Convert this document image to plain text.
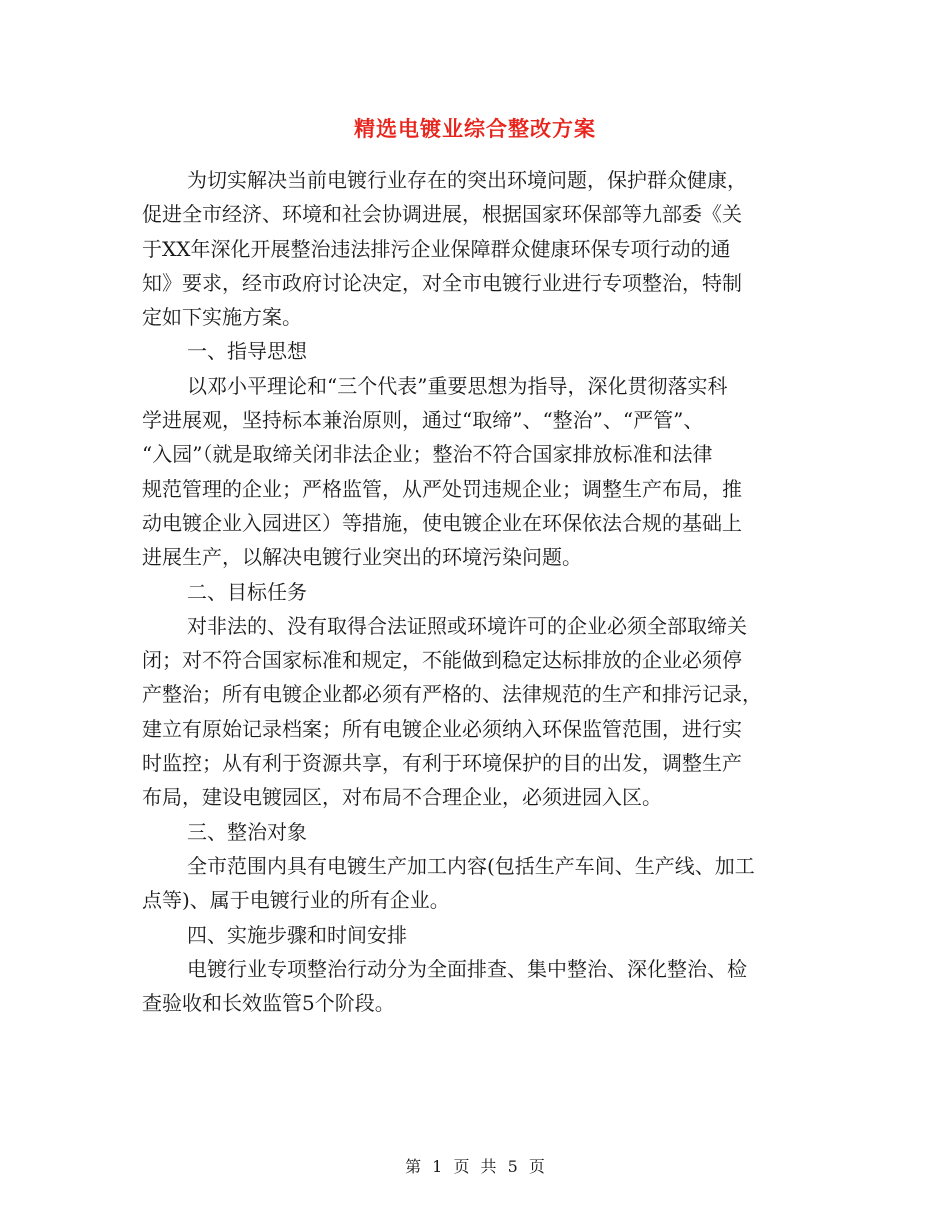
精选电镀业综合整改方案
为切实解决当前电镀行业存在的突出环境问题，保护群众健康，
促进全市经济、环境和社会协调进展，根据国家环保部等九部委《关
于XX年深化开展整治违法排污企业保障群众健康环保专项行动的通
知》要求，经市政府讨论决定，对全市电镀行业进行专项整治，特制
定如下实施方案。
一、指导思想
以邓小平理论和“三个代表”重要思想为指导，深化贯彻落实科
学进展观，坚持标本兼治原则，通过“取缔”、“整治”、“严管”、
“入园”（就是取缔关闭非法企业；整治不符合国家排放标准和法律
规范管理的企业；严格监管，从严处罚违规企业；调整生产布局，推
动电镀企业入园进区）等措施，使电镀企业在环保依法合规的基础上
进展生产，以解决电镀行业突出的环境污染问题。
二、目标任务
对非法的、没有取得合法证照或环境许可的企业必须全部取缔关
闭；对不符合国家标准和规定，不能做到稳定达标排放的企业必须停
产整治；所有电镀企业都必须有严格的、法律规范的生产和排污记录，
建立有原始记录档案；所有电镀企业必须纳入环保监管范围，进行实
时监控；从有利于资源共享，有利于环境保护的目的出发，调整生产
布局，建设电镀园区，对布局不合理企业，必须进园入区。
三、整治对象
全市范围内具有电镀生产加工内容(包括生产车间、生产线、加工
点等)、属于电镀行业的所有企业。
四、实施步骤和时间安排
电镀行业专项整治行动分为全面排查、集中整治、深化整治、检
查验收和长效监管5个阶段。
第 1 页 共 5 页
